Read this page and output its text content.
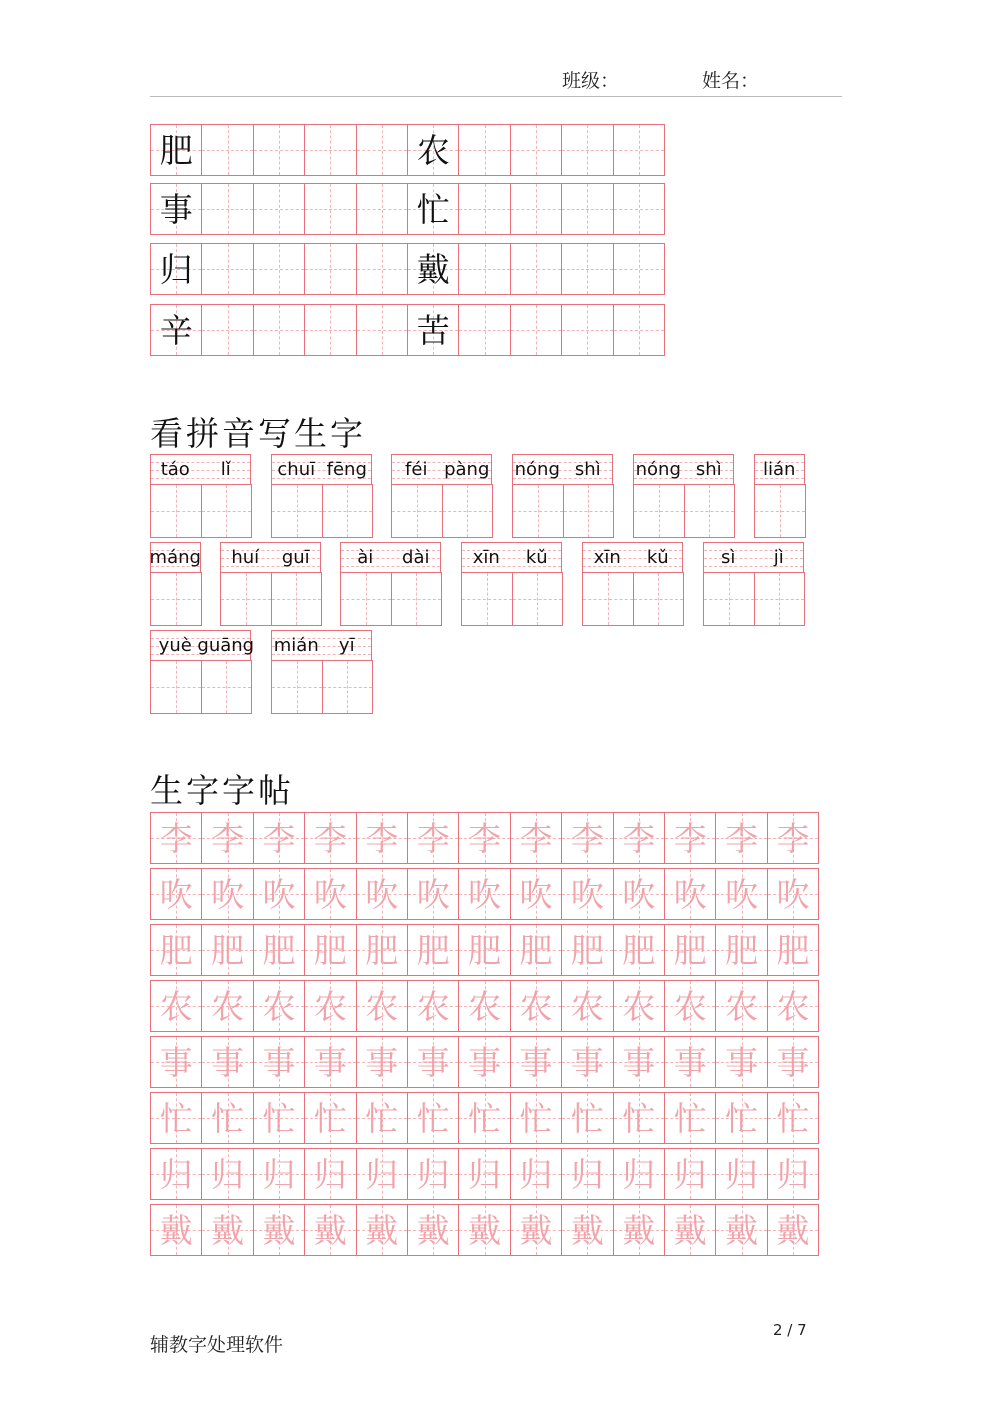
班级：	姓名：
肥	农
事	忙
归	戴
辛	苦
看拼音写生字
táo	lǐ	chuī fēng	féi pàng nóng shì	nóng shì	lián
máng	huí	guī	ài	dài	xīn	kǔ	xīn	kǔ	sì	jì
yuè guāng mián	yī
生字字帖
李 李 李 李 李 李 李 李 李 李 李 李 李
吹 吹 吹 吹 吹 吹 吹 吹 吹 吹 吹 吹 吹
肥 肥 肥 肥 肥 肥 肥 肥 肥 肥 肥 肥 肥
农 农 农 农 农 农 农 农 农 农 农 农 农
事 事 事 事 事 事 事 事 事 事 事 事 事
忙 忙 忙 忙 忙 忙 忙 忙 忙 忙 忙 忙 忙
归 归 归 归 归 归 归 归 归 归 归 归 归
戴 戴 戴 戴 戴 戴 戴 戴 戴 戴 戴 戴 戴
辅教字处理软件
2 / 7
